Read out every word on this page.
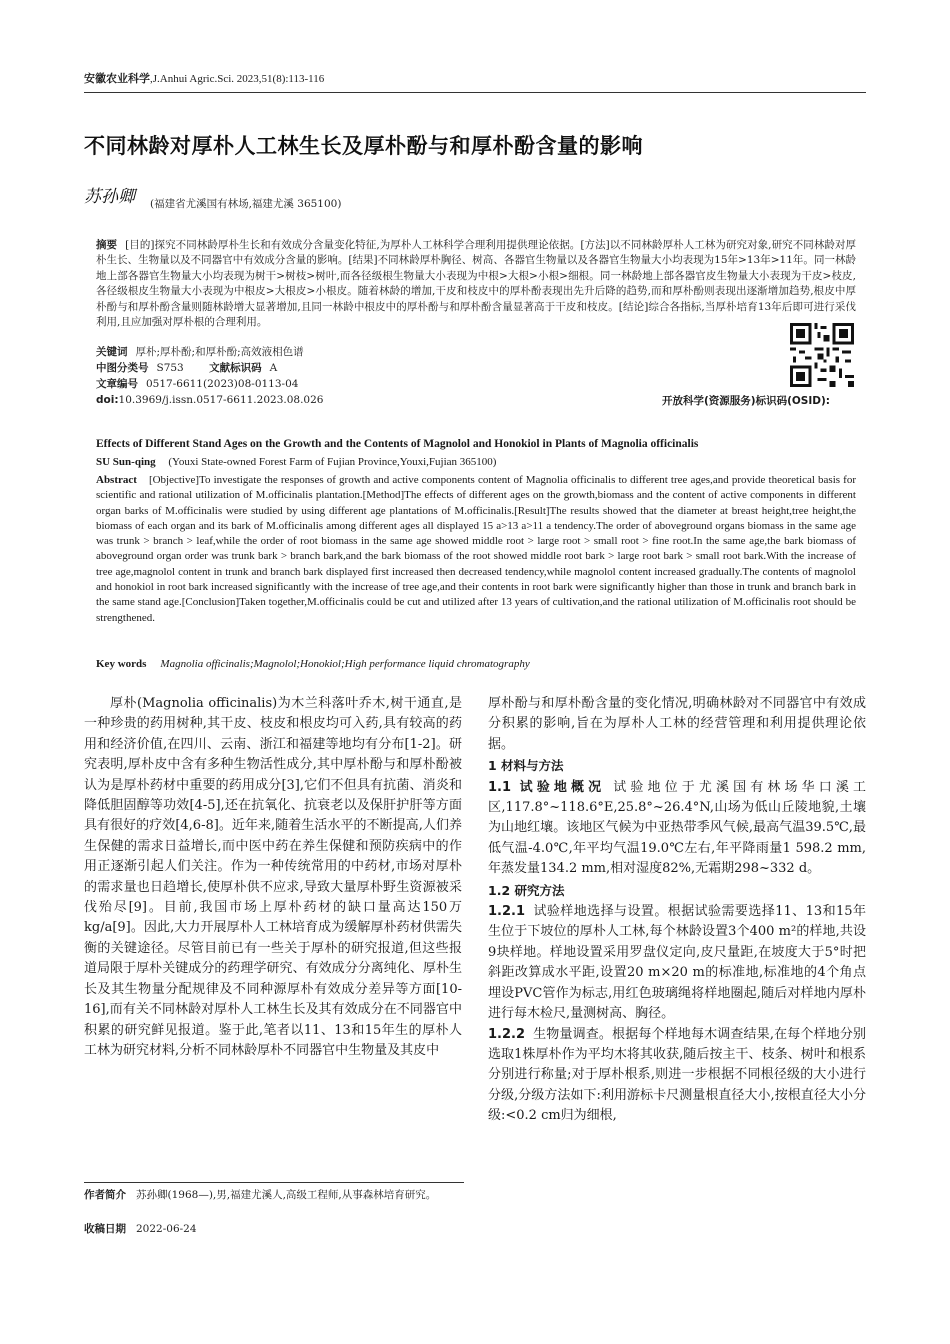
安徽农业科学,J.Anhui Agric.Sci. 2023,51(8):113-116
不同林龄对厚朴人工林生长及厚朴酚与和厚朴酚含量的影响
苏孙卿 (福建省尤溪国有林场,福建尤溪 365100)
摘要 [目的]探究不同林龄厚朴生长和有效成分含量变化特征,为厚朴人工林科学合理利用提供理论依据。[方法]以不同林龄厚朴人工林为研究对象,研究不同林龄对厚朴生长、生物量以及不同器官中有效成分含量的影响。[结果]不同林龄厚朴胸径、树高、各器官生物量以及各器官生物量大小均表现为15年>13年>11年。同一林龄地上部各器官生物量大小均表现为树干>树枝>树叶,而各径级根生物量大小表现为中根>大根>小根>细根。同一林龄地上部各器官皮生物量大小表现为干皮>枝皮,各径级根皮生物量大小表现为中根皮>大根皮>小根皮。随着林龄的增加,干皮和枝皮中的厚朴酚表现出先升后降的趋势,而和厚朴酚则表现出逐渐增加趋势,根皮中厚朴酚与和厚朴酚含量则随林龄增大显著增加,且同一林龄中根皮中的厚朴酚与和厚朴酚含量显著高于干皮和枝皮。[结论]综合各指标,当厚朴培育13年后即可进行采伐利用,且应加强对厚朴根的合理利用。
关键词 厚朴;厚朴酚;和厚朴酚;高效液相色谱
中图分类号 S753 文献标识码 A
文章编号 0517-6611(2023)08-0113-04
doi:10.3969/j.issn.0517-6611.2023.08.026	开放科学(资源服务)标识码(OSID):
Effects of Different Stand Ages on the Growth and the Contents of Magnolol and Honokiol in Plants of Magnolia officinalis
SU Sun-qing (Youxi State-owned Forest Farm of Fujian Province,Youxi,Fujian 365100)
Abstract [Objective]To investigate the responses of growth and active components content of Magnolia officinalis to different tree ages,and provide theoretical basis for scientific and rational utilization of M.officinalis plantation.[Method]The effects of different ages on the growth,biomass and the content of active components in different organ barks of M.officinalis were studied by using different age plantations of M.officinalis.[Result]The results showed that the diameter at breast height,tree height,the biomass of each organ and its bark of M.officinalis among different ages all displayed 15 a>13 a>11 a tendency.The order of aboveground organs biomass in the same age was trunk > branch > leaf,while the order of root biomass in the same age showed middle root > large root > small root > fine root.In the same age,the bark biomass of aboveground organ order was trunk bark > branch bark,and the bark biomass of the root showed middle root bark > large root bark > small root bark.With the increase of tree age,magnolol content in trunk and branch bark displayed first increased then decreased tendency,while magnolol content increased gradually.The contents of magnolol and honokiol in root bark increased significantly with the increase of tree age,and their contents in root bark were significantly higher than those in trunk and branch bark in the same stand age.[Conclusion]Taken together,M.officinalis could be cut and utilized after 13 years of cultivation,and the rational utilization of M.officinalis root should be strengthened.
Key words Magnolia officinalis;Magnolol;Honokiol;High performance liquid chromatography

厚朴(Magnolia officinalis)为木兰科落叶乔木,树干通直,是一种珍贵的药用树种,其干皮、枝皮和根皮均可入药,具有较高的药用和经济价值,在四川、云南、浙江和福建等地均有分布[1-2]。研究表明,厚朴皮中含有多种生物活性成分,其中厚朴酚与和厚朴酚被认为是厚朴药材中重要的药用成分[3],它们不但具有抗菌、消炎和降低胆固醇等功效[4-5],还在抗氧化、抗衰老以及保肝护肝等方面具有很好的疗效[4,6-8]。近年来,随着生活水平的不断提高,人们养生保健的需求日益增长,而中医中药在养生保健和预防疾病中的作用正逐渐引起人们关注。作为一种传统常用的中药材,市场对厚朴的需求量也日趋增长,使厚朴供不应求,导致大量厚朴野生资源被采伐殆尽[9]。目前,我国市场上厚朴药材的缺口量高达150万kg/a[9]。因此,大力开展厚朴人工林培育成为缓解厚朴药材供需失衡的关键途径。尽管目前已有一些关于厚朴的研究报道,但这些报道局限于厚朴关键成分的药理学研究、有效成分分离纯化、厚朴生长及其生物量分配规律及不同种源厚朴有效成分差异等方面[10-16],而有关不同林龄对厚朴人工林生长及其有效成分在不同器官中积累的研究鲜见报道。鉴于此,笔者以11、13和15年生的厚朴人工林为研究材料,分析不同林龄厚朴不同器官中生物量及其皮中

厚朴酚与和厚朴酚含量的变化情况,明确林龄对不同器官中有效成分积累的影响,旨在为厚朴人工林的经营管理和利用提供理论依据。

1 材料与方法

1.1 试验地概况 试验地位于尤溪国有林场华口溪工区,117.8°~118.6°E,25.8°~26.4°N,山场为低山丘陵地貌,土壤为山地红壤。该地区气候为中亚热带季风气候,最高气温39.5℃,最低气温-4.0℃,年平均气温19.0℃左右,年平降雨量1 598.2 mm,年蒸发量134.2 mm,相对湿度82%,无霜期298~332 d。

1.2 研究方法

1.2.1 试验样地选择与设置。根据试验需要选择11、13和15年生位于下坡位的厚朴人工林,每个林龄设置3个400 m²的样地,共设9块样地。样地设置采用罗盘仪定向,皮尺量距,在坡度大于5°时把斜距改算成水平距,设置20 m×20 m的标准地,标准地的4个角点埋设PVC管作为标志,用红色玻璃绳将样地圈起,随后对样地内厚朴进行每木检尺,量测树高、胸径。

1.2.2 生物量调查。根据每个样地每木调查结果,在每个样地分别选取1株厚朴作为平均木将其收获,随后按主干、枝条、树叶和根系分别进行称量;对于厚朴根系,则进一步根据不同根径级的大小进行分级,分级方法如下:利用游标卡尺测量根直径大小,按根直径大小分级:<0.2 cm归为细根,

作者简介 苏孙卿(1968—),男,福建尤溪人,高级工程师,从事森林培育研究。
收稿日期 2022-06-24
